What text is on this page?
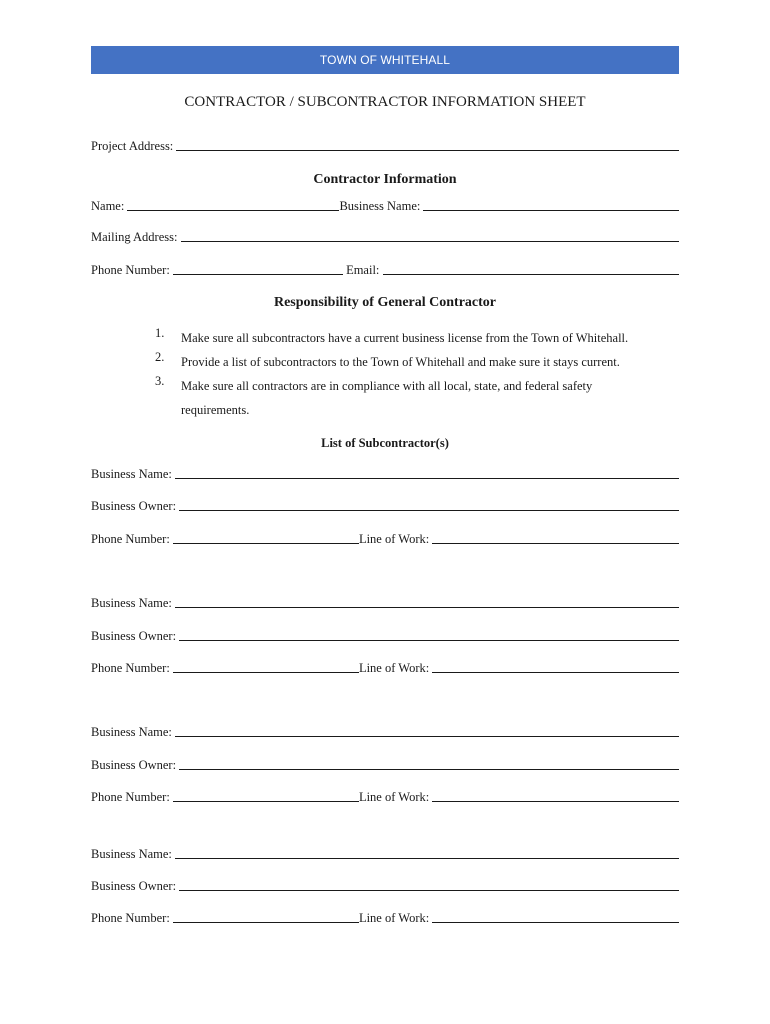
TOWN OF WHITEHALL
CONTRACTOR / SUBCONTRACTOR INFORMATION SHEET
Project Address:

Contractor Information
Name:
	Business Name:

Mailing Address:

Phone Number:

	Email:

Responsibility of General Contractor
1.	Make sure all subcontractors have a current business license from the Town of Whitehall.
2.	Provide a list of subcontractors to the Town of Whitehall and make sure it stays current.
3.	Make sure all contractors are in compliance with all local, state, and federal safety requirements.
List of Subcontractor(s)
Business Name:

Business Owner:

Phone Number:
	Line of Work:

Business Name:

Business Owner:

Phone Number:
	Line of Work:

Business Name:

Business Owner:

Phone Number:
	Line of Work:

Business Name:

Business Owner:

Phone Number:
	Line of Work:
